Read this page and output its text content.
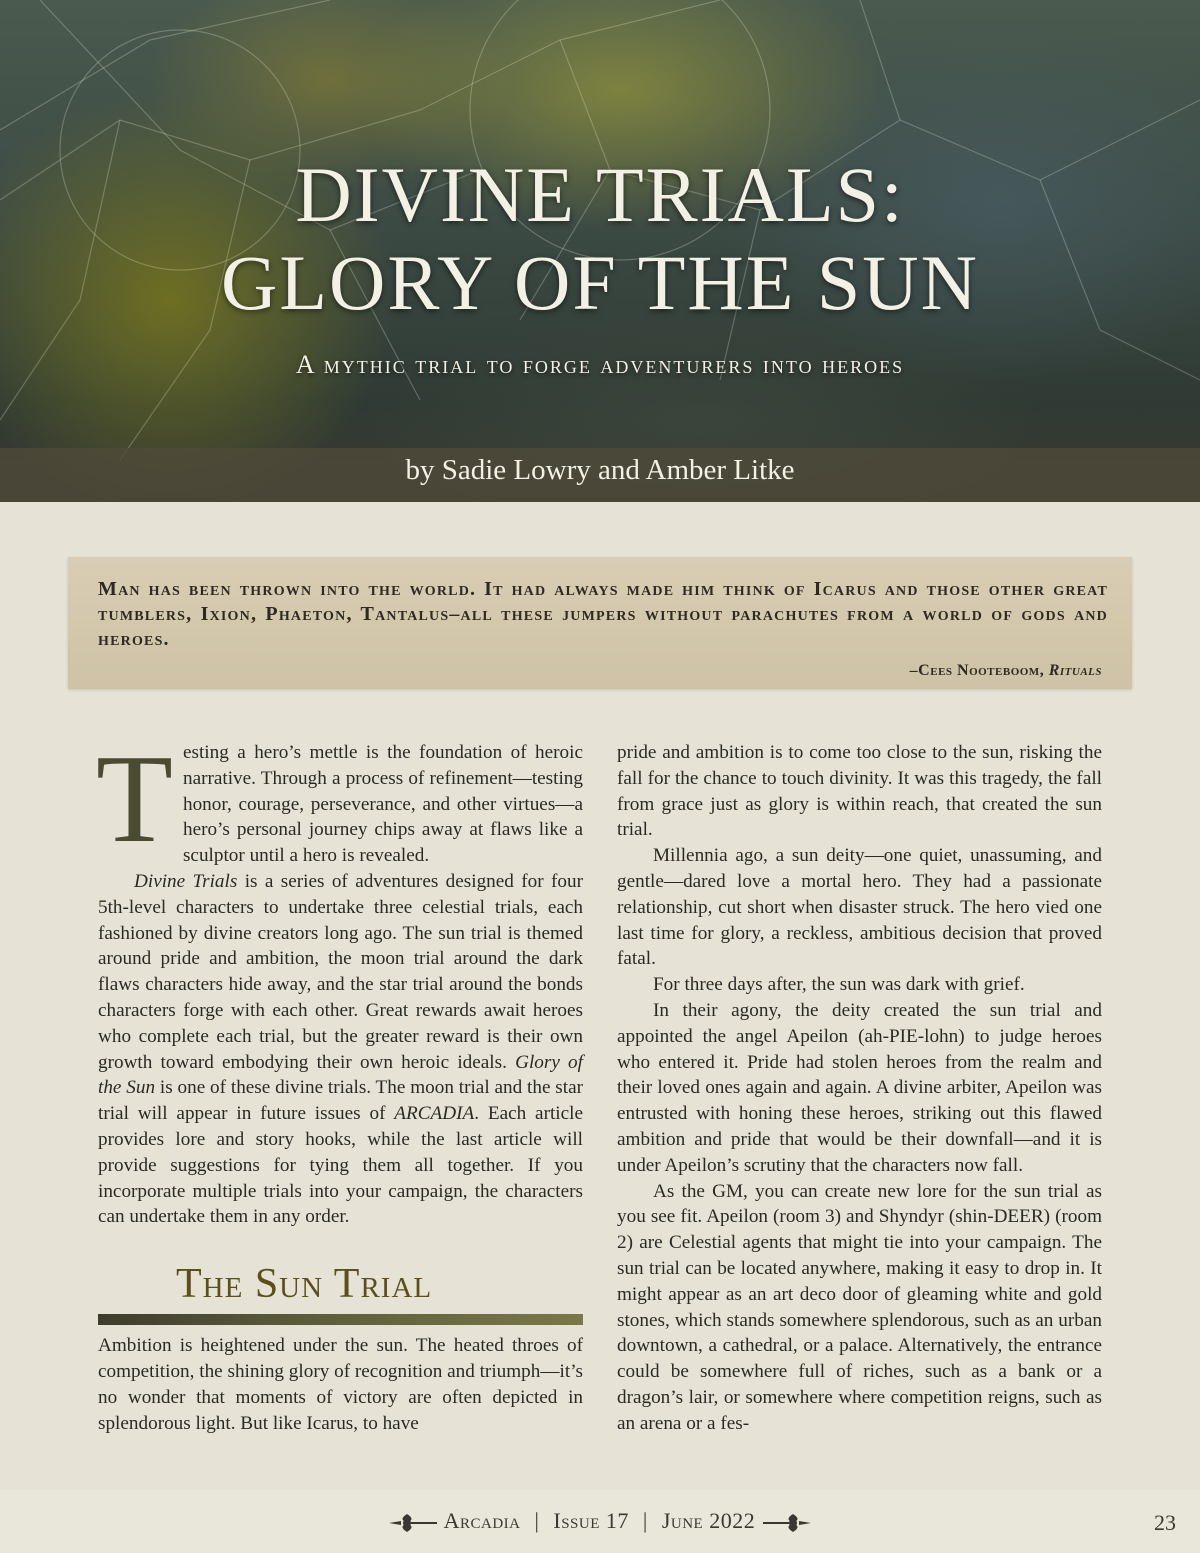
DIVINE TRIALS:
GLORY OF THE SUN
A mythic trial to forge adventurers into heroes
by Sadie Lowry and Amber Litke
Man has been thrown into the world. It had always made him think of Icarus and those other great tumblers, Ixion, Phaeton, Tantalus–all these jumpers without parachutes from a world of gods and heroes.
–Cees Nooteboom, Rituals

Testing a hero’s mettle is the foundation of heroic narrative. Through a process of refinement—testing honor, courage, perseverance, and other virtues—a hero’s personal journey chips away at flaws like a sculptor until a hero is revealed.

Divine Trials is a series of adventures designed for four 5th-level characters to undertake three celestial trials, each fashioned by divine creators long ago. The sun trial is themed around pride and ambition, the moon trial around the dark flaws characters hide away, and the star trial around the bonds characters forge with each other. Great rewards await heroes who complete each trial, but the greater reward is their own growth toward embodying their own heroic ideals. Glory of the Sun is one of these divine trials. The moon trial and the star trial will appear in future issues of ARCADIA. Each article provides lore and story hooks, while the last article will provide suggestions for tying them all together. If you incorporate multiple trials into your campaign, the characters can undertake them in any order.

The Sun Trial

Ambition is heightened under the sun. The heated throes of competition, the shining glory of recognition and triumph—it’s no wonder that moments of victory are often depicted in splendorous light. But like Icarus, to have

pride and ambition is to come too close to the sun, risking the fall for the chance to touch divinity. It was this tragedy, the fall from grace just as glory is within reach, that created the sun trial.

Millennia ago, a sun deity—one quiet, unassuming, and gentle—dared love a mortal hero. They had a passionate relationship, cut short when disaster struck. The hero vied one last time for glory, a reckless, ambitious decision that proved fatal.

For three days after, the sun was dark with grief.

In their agony, the deity created the sun trial and appointed the angel Apeilon (ah-PIE-lohn) to judge heroes who entered it. Pride had stolen heroes from the realm and their loved ones again and again. A divine arbiter, Apeilon was entrusted with honing these heroes, striking out this flawed ambition and pride that would be their downfall—and it is under Apeilon’s scrutiny that the characters now fall.

As the GM, you can create new lore for the sun trial as you see fit. Apeilon (room 3) and Shyndyr (shin-DEER) (room 2) are Celestial agents that might tie into your campaign. The sun trial can be located anywhere, making it easy to drop in. It might appear as an art deco door of gleaming white and gold stones, which stands somewhere splendorous, such as an urban downtown, a cathedral, or a palace. Alternatively, the entrance could be somewhere full of riches, such as a bank or a dragon’s lair, or somewhere where competition reigns, such as an arena or a fes-

Arcadia | Issue 17 | June 2022	23
